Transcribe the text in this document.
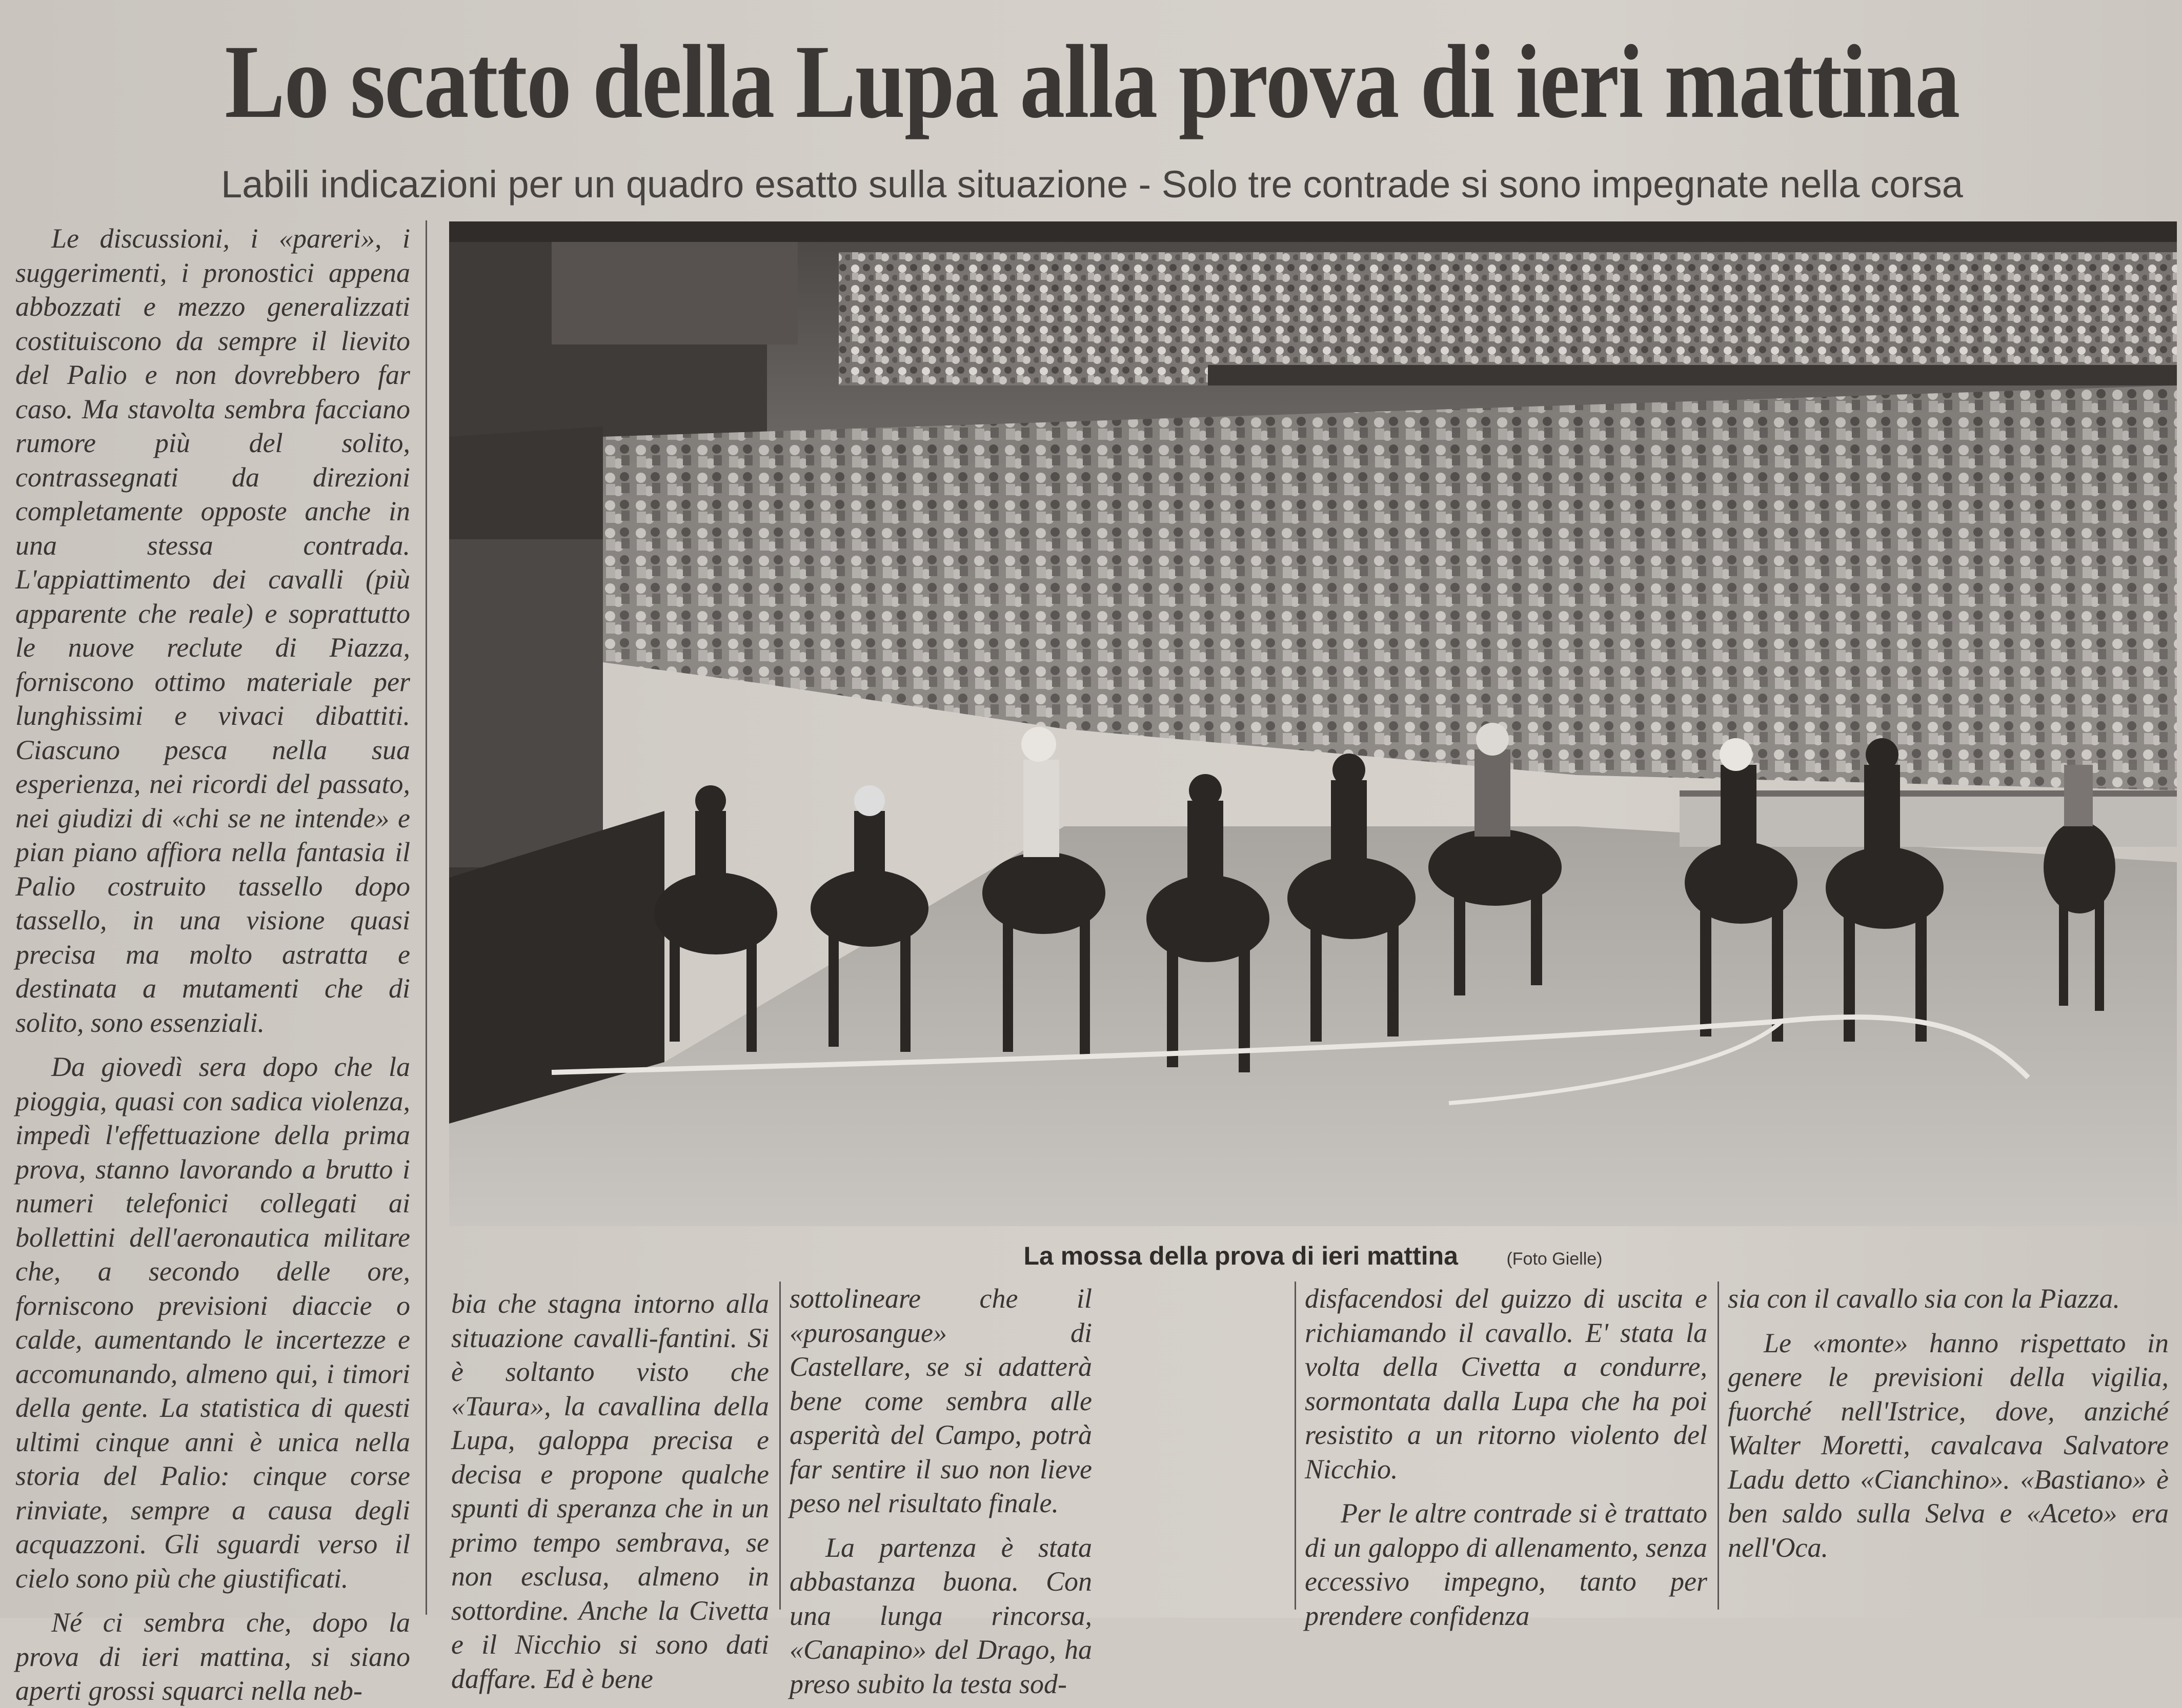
Lo scatto della Lupa alla prova di ieri mattina
Labili indicazioni per un quadro esatto sulla situazione - Solo tre contrade si sono impegnate nella corsa

Le discussioni, i «pareri», i suggerimenti, i pronostici appena abbozzati e mezzo generalizzati costituiscono da sempre il lievito del Palio e non dovrebbero far caso. Ma stavolta sembra facciano rumore più del solito, contrassegnati da direzioni completamente opposte anche in una stessa contrada. L'appiattimento dei cavalli (più apparente che reale) e soprattutto le nuove reclute di Piazza, forniscono ottimo materiale per lunghissimi e vivaci dibattiti. Ciascuno pesca nella sua esperienza, nei ricordi del passato, nei giudizi di «chi se ne intende» e pian piano affiora nella fantasia il Palio costruito tassello dopo tassello, in una visione quasi precisa ma molto astratta e destinata a mutamenti che di solito, sono essenziali.

Da giovedì sera dopo che la pioggia, quasi con sadica violenza, impedì l'effettuazione della prima prova, stanno lavorando a brutto i numeri telefonici collegati ai bollettini dell'aeronautica militare che, a secondo delle ore, forniscono previsioni diaccie o calde, aumentando le incertezze e accomunando, almeno qui, i timori della gente. La statistica di questi ultimi cinque anni è unica nella storia del Palio: cinque corse rinviate, sempre a causa degli acquazzoni. Gli sguardi verso il cielo sono più che giustificati.

Né ci sembra che, dopo la prova di ieri mattina, si siano aperti grossi squarci nella neb-

La mossa della prova di ieri mattina	(Foto Gielle)

bia che stagna intorno alla situazione cavalli-fantini. Si è soltanto visto che «Taura», la cavallina della Lupa, galoppa precisa e decisa e propone qualche spunti di speranza che in un primo tempo sembrava, se non esclusa, almeno in sottordine. Anche la Civetta e il Nicchio si sono dati daffare. Ed è bene

sottolineare che il «purosangue» di Castellare, se si adatterà bene come sembra alle asperità del Campo, potrà far sentire il suo non lieve peso nel risultato finale.

La partenza è stata abbastanza buona. Con una lunga rincorsa, «Canapino» del Drago, ha preso subito la testa sod-

disfacendosi del guizzo di uscita e richiamando il cavallo. E' stata la volta della Civetta a condurre, sormontata dalla Lupa che ha poi resistito a un ritorno violento del Nicchio.

Per le altre contrade si è trattato di un galoppo di allenamento, senza eccessivo impegno, tanto per prendere confidenza

sia con il cavallo sia con la Piazza.

Le «monte» hanno rispettato in genere le previsioni della vigilia, fuorché nell'Istrice, dove, anziché Walter Moretti, cavalcava Salvatore Ladu detto «Cianchino». «Bastiano» è ben saldo sulla Selva e «Aceto» era nell'Oca.
